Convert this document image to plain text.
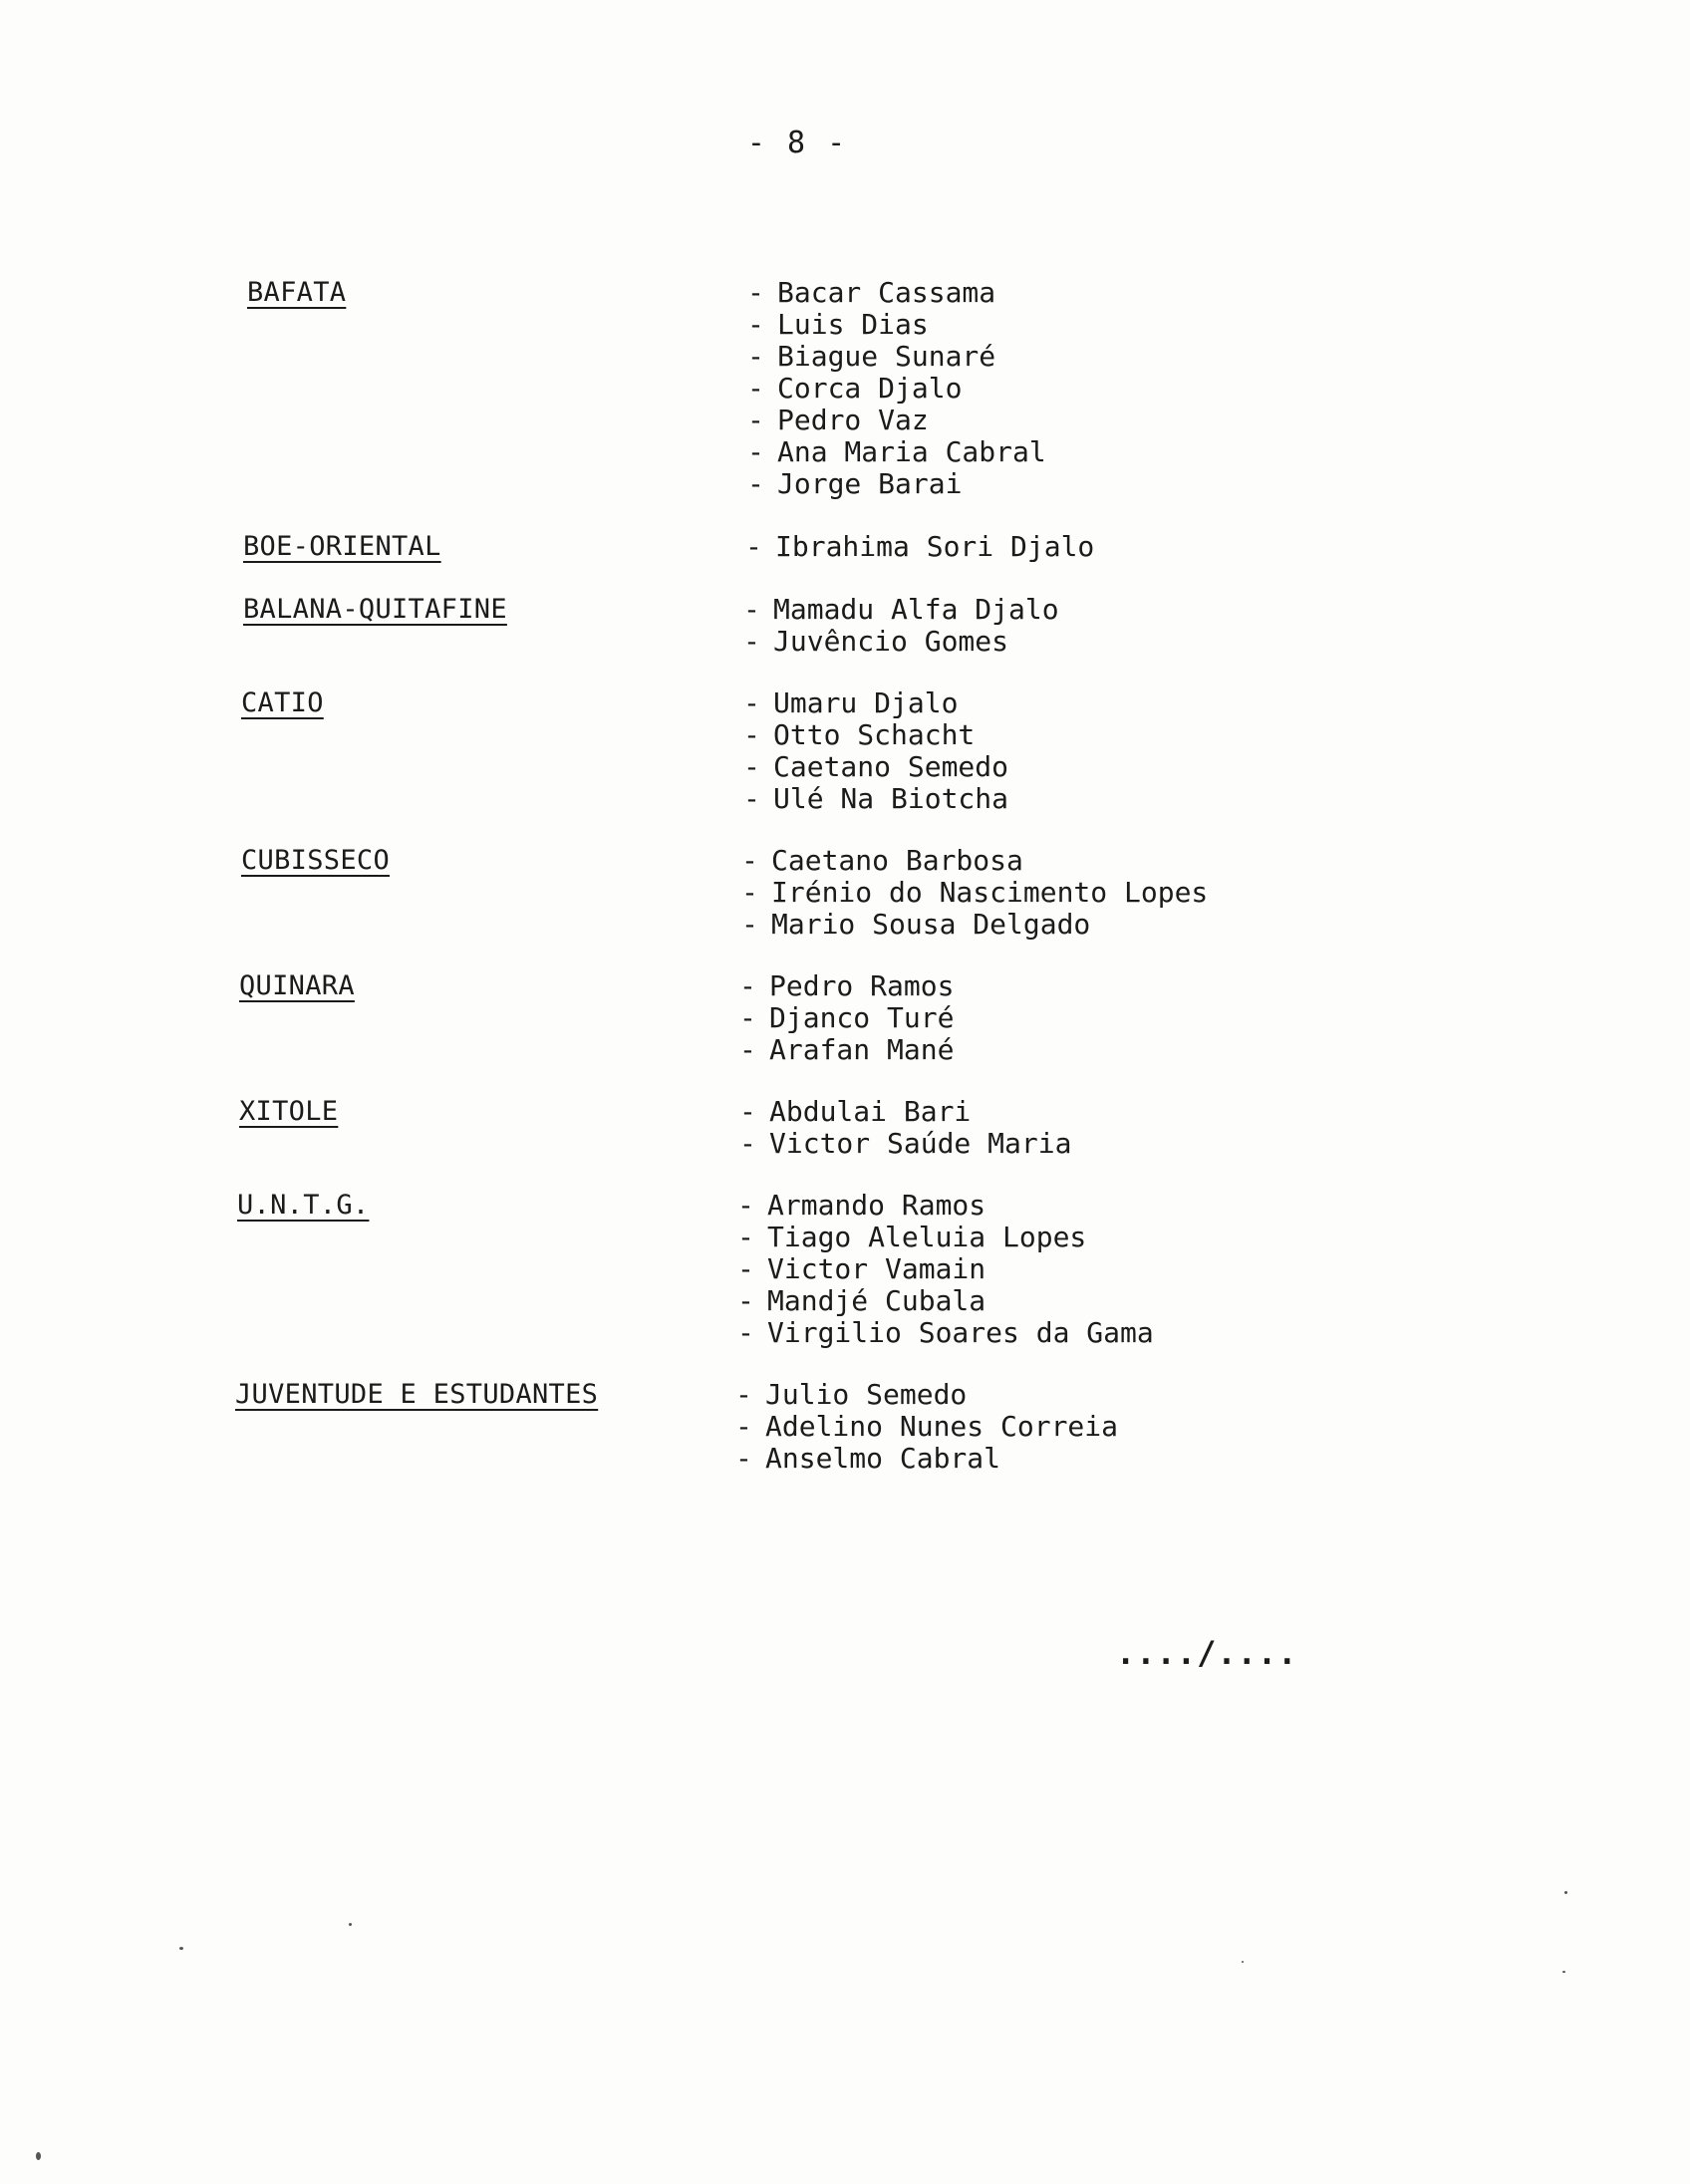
- 8 -
BAFATA	- Bacar Cassama
- Luis Dias
- Biague Sunaré
- Corca Djalo
- Pedro Vaz
- Ana Maria Cabral
- Jorge Barai
BOE-ORIENTAL	- Ibrahima Sori Djalo
BALANA-QUITAFINE	- Mamadu Alfa Djalo
- Juvêncio Gomes
CATIO	- Umaru Djalo
- Otto Schacht
- Caetano Semedo
- Ulé Na Biotcha
CUBISSECO	- Caetano Barbosa
- Irénio do Nascimento Lopes
- Mario Sousa Delgado
QUINARA	- Pedro Ramos
- Djanco Turé
- Arafan Mané
XITOLE	- Abdulai Bari
- Victor Saúde Maria
U.N.T.G.	- Armando Ramos
- Tiago Aleluia Lopes
- Victor Vamain
- Mandjé Cubala
- Virgilio Soares da Gama
JUVENTUDE E ESTUDANTES	- Julio Semedo
- Adelino Nunes Correia
- Anselmo Cabral
..../....
